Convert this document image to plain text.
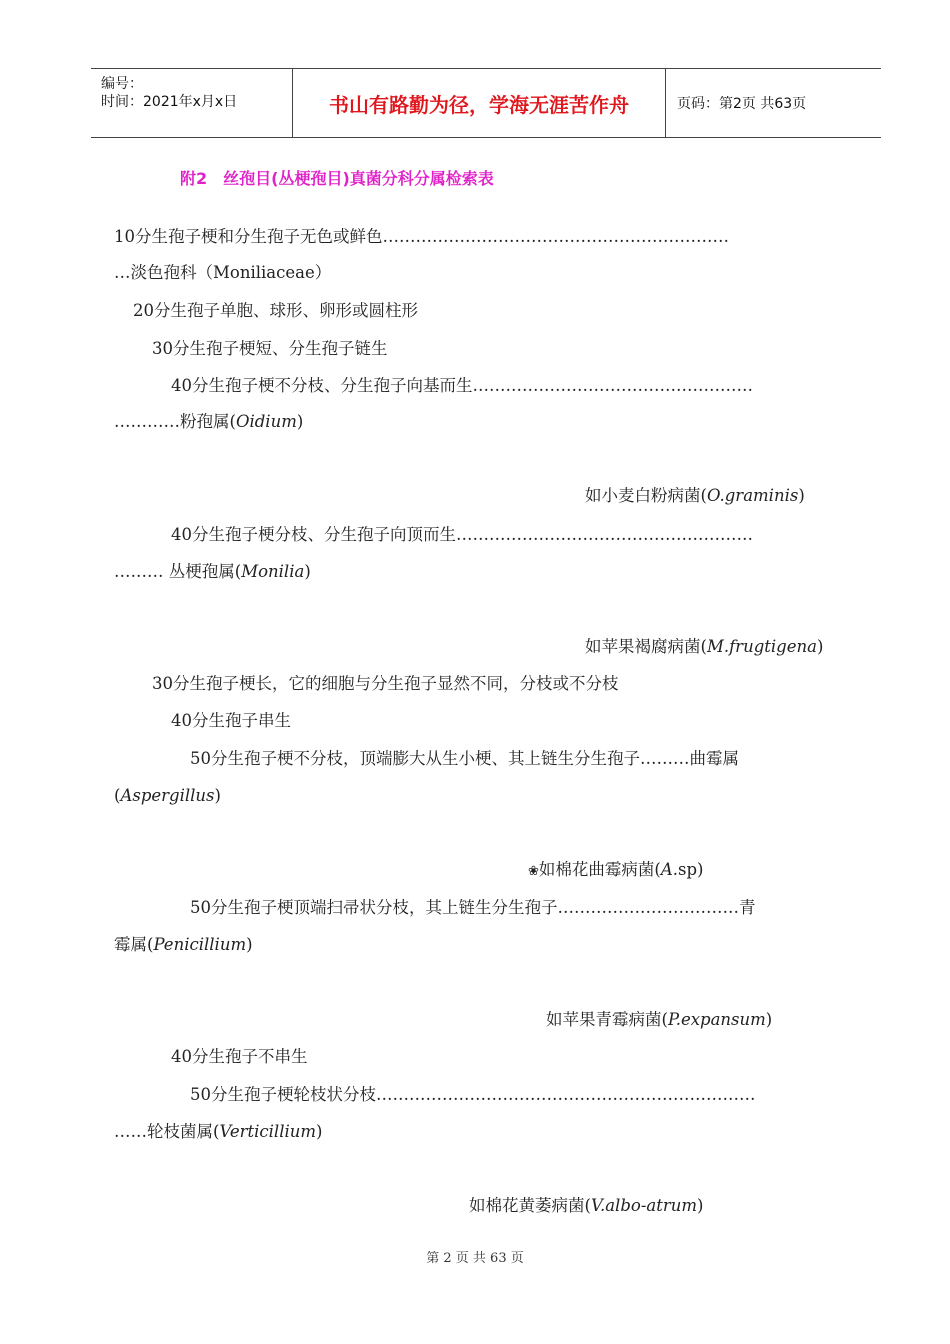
编号：
时间：2021年x月x日	书山有路勤为径，学海无涯苦作舟	页码：第2页 共63页
附2　丝孢目(丛梗孢目)真菌分科分属检索表
10分生孢子梗和分生孢子无色或鲜色………………………………………………………
…淡色孢科（Moniliaceae）
20分生孢子单胞、球形、卵形或圆柱形
30分生孢子梗短、分生孢子链生
40分生孢子梗不分枝、分生孢子向基而生……………………………………………
…………粉孢属(Oidium)
如小麦白粉病菌(O.graminis)
40分生孢子梗分枝、分生孢子向顶而生………………………………………………
……… 丛梗孢属(Monilia)
如苹果褐腐病菌(M.frugtigena)
30分生孢子梗长，它的细胞与分生孢子显然不同，分枝或不分枝
40分生孢子串生
50分生孢子梗不分枝，顶端膨大从生小梗、其上链生分生孢子………曲霉属
(Aspergillus)
❀如棉花曲霉病菌(A.sp)
50分生孢子梗顶端扫帚状分枝，其上链生分生孢子……………………………青
霉属(Penicillium)
如苹果青霉病菌(P.expansum)
40分生孢子不串生
50分生孢子梗轮枝状分枝……………………………………………………………
……轮枝菌属(Verticillium)
如棉花黄萎病菌(V.albo-atrum)
第 2 页 共 63 页
